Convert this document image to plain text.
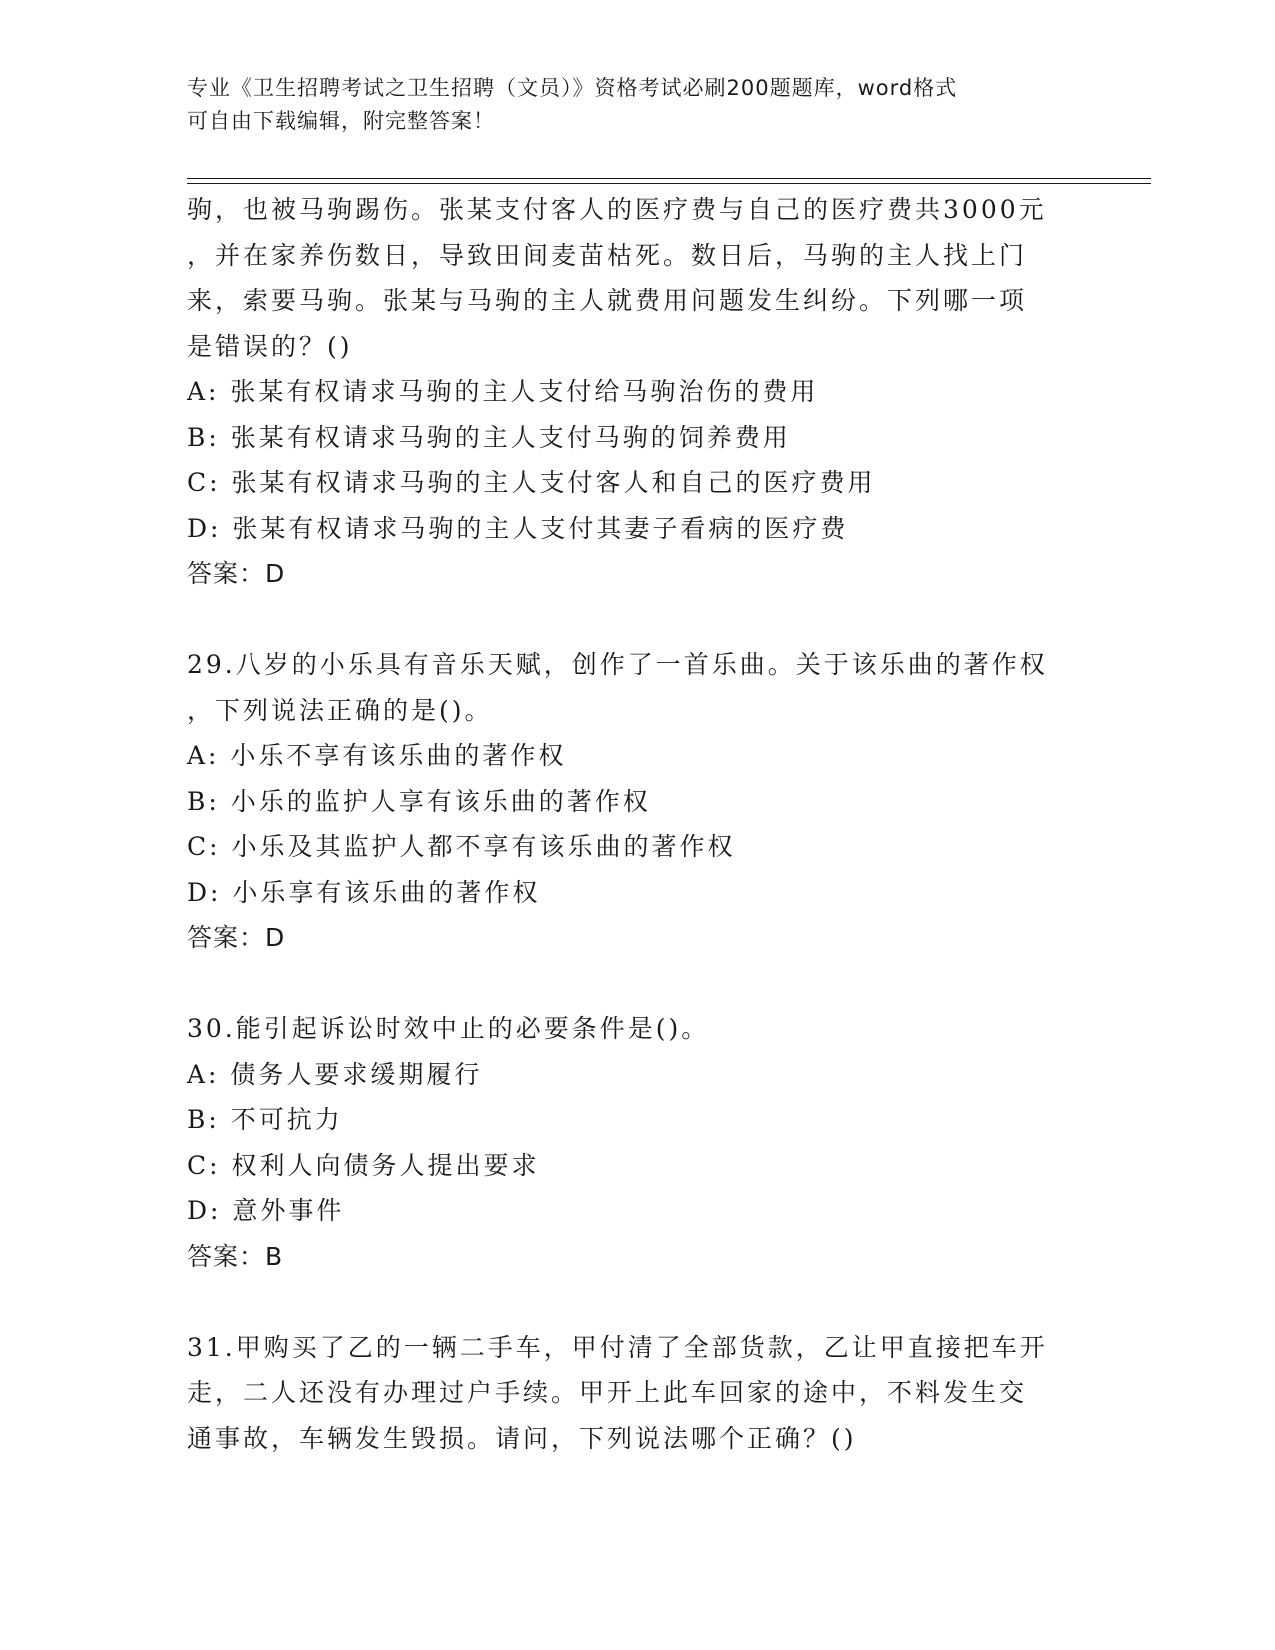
专业《卫生招聘考试之卫生招聘（文员）》资格考试必刷200题题库，word格式
可自由下载编辑，附完整答案！
驹，也被马驹踢伤。张某支付客人的医疗费与自己的医疗费共3000元
，并在家养伤数日，导致田间麦苗枯死。数日后，马驹的主人找上门
来，索要马驹。张某与马驹的主人就费用问题发生纠纷。下列哪一项
是错误的？()
A: 张某有权请求马驹的主人支付给马驹治伤的费用
B: 张某有权请求马驹的主人支付马驹的饲养费用
C: 张某有权请求马驹的主人支付客人和自己的医疗费用
D: 张某有权请求马驹的主人支付其妻子看病的医疗费
答案：D
29.八岁的小乐具有音乐天赋，创作了一首乐曲。关于该乐曲的著作权
，下列说法正确的是()。
A: 小乐不享有该乐曲的著作权
B: 小乐的监护人享有该乐曲的著作权
C: 小乐及其监护人都不享有该乐曲的著作权
D: 小乐享有该乐曲的著作权
答案：D
30.能引起诉讼时效中止的必要条件是()。
A: 债务人要求缓期履行
B: 不可抗力
C: 权利人向债务人提出要求
D: 意外事件
答案：B
31.甲购买了乙的一辆二手车，甲付清了全部货款，乙让甲直接把车开
走，二人还没有办理过户手续。甲开上此车回家的途中，不料发生交
通事故，车辆发生毁损。请问，下列说法哪个正确？()
